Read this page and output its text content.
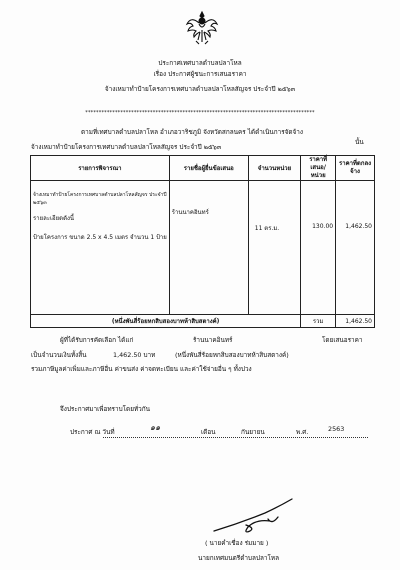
ประกาศเทศบาลตำบลปลาโหล
เรื่อง ประกาศผู้ชนะการเสนอราคา
จ้างเหมาทำป้ายโครงการเทศบาลตำบลปลาโหลสัญจร ประจำปี ๒๕๖๓
*************************************************************************************
ตามที่เทศบาลตำบลปลาโหล อำเภอวาริชภูมิ จังหวัดสกลนคร ได้ดำเนินการจัดจ้าง
จ้างเหมาทำป้ายโครงการเทศบาลตำบลปลาโหลสัญจร ประจำปี ๒๕๖๓
นั้น
รายการพิจารณา	รายชื่อผู้ยื่นข้อเสนอ	จำนวนหน่วย	ราคาที่เสนอ/หน่วย	ราคาที่ตกลงจ้าง

จ้างเหมาทำป้ายโครงการเทศบาลตำบลปลาโหลสัญจร ประจำปี ๒๕๖๓
รายละเอียดดังนี้
ป้ายโครงการ ขนาด 2.5 x 4.5 เมตร จำนวน 1 ป้าย	ร้านนาคอินทร์	11 ตร.ม.	130.00	1,462.50

(หนึ่งพันสี่ร้อยหกสิบสองบาทห้าสิบสตางค์)			รวม	1,462.50
ผู้ที่ได้รับการคัดเลือก ได้แก่	ร้านนาคอินทร์	โดยเสนอราคา
เป็นจำนวนเงินทั้งสิ้น	1,462.50 บาท	(หนึ่งพันสี่ร้อยหกสิบสองบาทห้าสิบสตางค์)
รวมภาษีมูลค่าเพิ่มและภาษีอื่น ค่าขนส่ง ค่าจดทะเบียน และค่าใช้จ่ายอื่น ๆ ทั้งปวง
จึงประกาศมาเพื่อทราบโดยทั่วกัน
ประกาศ ณ วันที่	๑๑	เดือน	กันยายน	พ.ศ.	2563
( นายคำเชื่อง ร่มมาย )
นายกเทศมนตรีตำบลปลาโหล
